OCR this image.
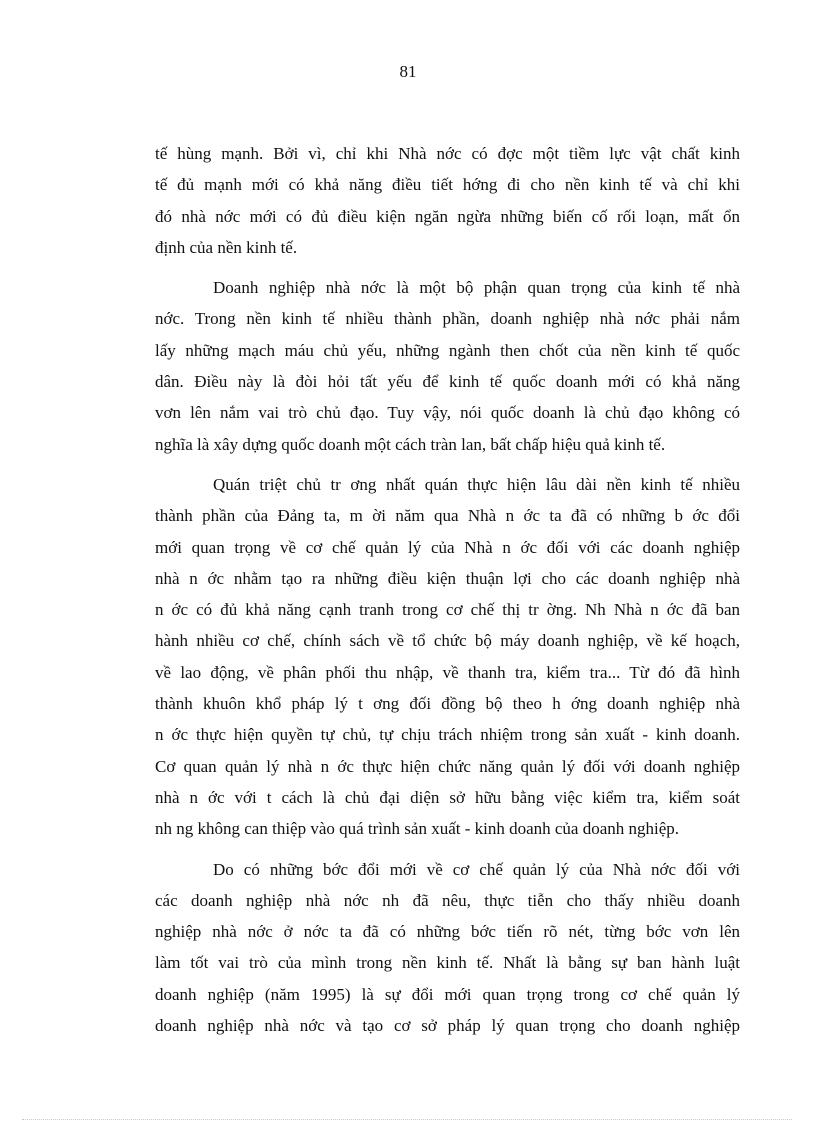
81

tế hùng mạnh. Bởi vì, chỉ khi Nhà nớc có đợc một tiềm lực vật chất kinh
tế đủ mạnh mới có khả năng điều tiết hớng đi cho nền kinh tế và chỉ khi
đó nhà nớc mới có đủ điều kiện ngăn ngừa những biến cố rối loạn, mất ổn
định của nền kinh tế.

Doanh nghiệp nhà nớc là một bộ phận quan trọng của kinh tế nhà
nớc. Trong nền kinh tế nhiều thành phần, doanh nghiệp nhà nớc phải nắm
lấy những mạch máu chủ yếu, những ngành then chốt của nền kinh tế quốc
dân. Điều này là đòi hỏi tất yếu để kinh tế quốc doanh mới có khả năng
vơn lên nắm vai trò chủ đạo. Tuy vậy, nói quốc doanh là chủ đạo không có
nghĩa là xây dựng quốc doanh một cách tràn lan, bất chấp hiệu quả kinh tế.

Quán triệt chủ tr ơng nhất quán thực hiện lâu dài nền kinh tế nhiều
thành phần của Đảng ta, m ời năm qua Nhà n ớc ta đã có những b ớc đổi
mới quan trọng về cơ chế quản lý của Nhà n ớc đối với các doanh nghiệp
nhà n ớc nhằm tạo ra những điều kiện thuận lợi cho các doanh nghiệp nhà
n ớc có đủ khả năng cạnh tranh trong cơ chế thị tr ờng. Nh Nhà n ớc đã ban
hành nhiều cơ chế, chính sách về tổ chức bộ máy doanh nghiệp, về kế hoạch,
về lao động, về phân phối thu nhập, về thanh tra, kiểm tra... Từ đó đã hình
thành khuôn khổ pháp lý t ơng đối đồng bộ theo h ớng doanh nghiệp nhà
n ớc thực hiện quyền tự chủ, tự chịu trách nhiệm trong sản xuất - kinh doanh.
Cơ quan quản lý nhà n ớc thực hiện chức năng quản lý đối với doanh nghiệp
nhà n ớc với t cách là chủ đại diện sở hữu bằng việc kiểm tra, kiểm soát
nh ng không can thiệp vào quá trình sản xuất - kinh doanh của doanh nghiệp.

Do có những bớc đổi mới về cơ chế quản lý của Nhà nớc đối với
các doanh nghiệp nhà nớc nh đã nêu, thực tiễn cho thấy nhiều doanh
nghiệp nhà nớc ở nớc ta đã có những bớc tiến rõ nét, từng bớc vơn lên
làm tốt vai trò của mình trong nền kinh tế. Nhất là bằng sự ban hành luật
doanh nghiệp (năm 1995) là sự đổi mới quan trọng trong cơ chế quản lý
doanh nghiệp nhà nớc và tạo cơ sở pháp lý quan trọng cho doanh nghiệp
